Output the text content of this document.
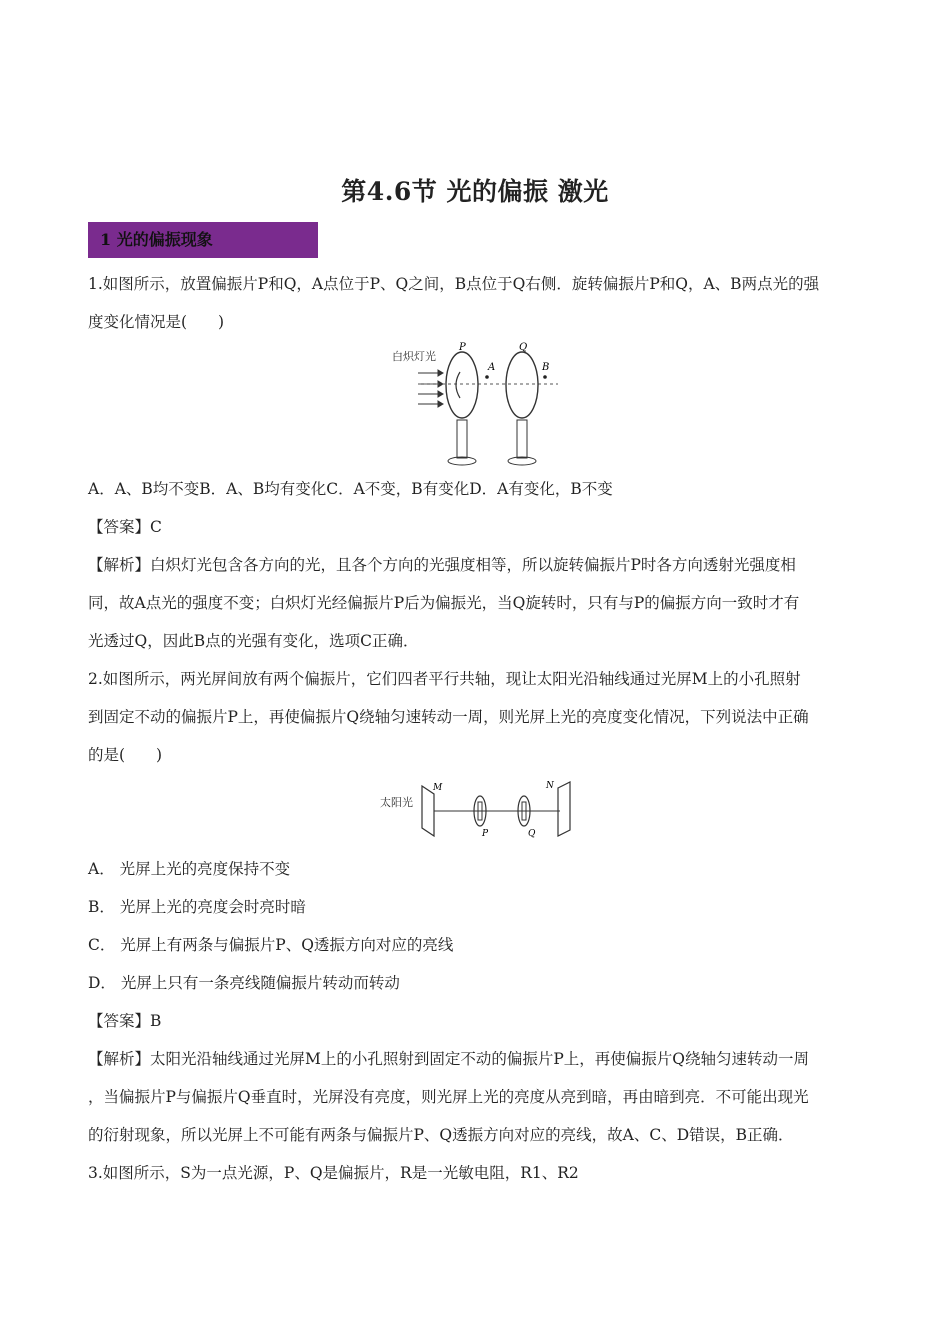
第4.6节 光的偏振 激光
1 光的偏振现象
1.如图所示，放置偏振片P和Q，A点位于P、Q之间，B点位于Q右侧．旋转偏振片P和Q，A、B两点光的强
度变化情况是(　　)
白炽灯光
P	Q
A	B
A．A、B均不变B．A、B均有变化C．A不变，B有变化D．A有变化，B不变
【答案】C
【解析】白炽灯光包含各方向的光，且各个方向的光强度相等，所以旋转偏振片P时各方向透射光强度相
同，故A点光的强度不变；白炽灯光经偏振片P后为偏振光，当Q旋转时，只有与P的偏振方向一致时才有
光透过Q，因此B点的光强有变化，选项C正确．
2.如图所示，两光屏间放有两个偏振片，它们四者平行共轴，现让太阳光沿轴线通过光屏M上的小孔照射
到固定不动的偏振片P上，再使偏振片Q绕轴匀速转动一周，则光屏上光的亮度变化情况，下列说法中正确
的是(　　)
太阳光
M
P	Q
N
A． 光屏上光的亮度保持不变
B． 光屏上光的亮度会时亮时暗
C． 光屏上有两条与偏振片P、Q透振方向对应的亮线
D． 光屏上只有一条亮线随偏振片转动而转动
【答案】B
【解析】太阳光沿轴线通过光屏M上的小孔照射到固定不动的偏振片P上，再使偏振片Q绕轴匀速转动一周
，当偏振片P与偏振片Q垂直时，光屏没有亮度，则光屏上光的亮度从亮到暗，再由暗到亮．不可能出现光
的衍射现象，所以光屏上不可能有两条与偏振片P、Q透振方向对应的亮线，故A、C、D错误，B正确．
3.如图所示，S为一点光源，P、Q是偏振片，R是一光敏电阻，R1、R2
